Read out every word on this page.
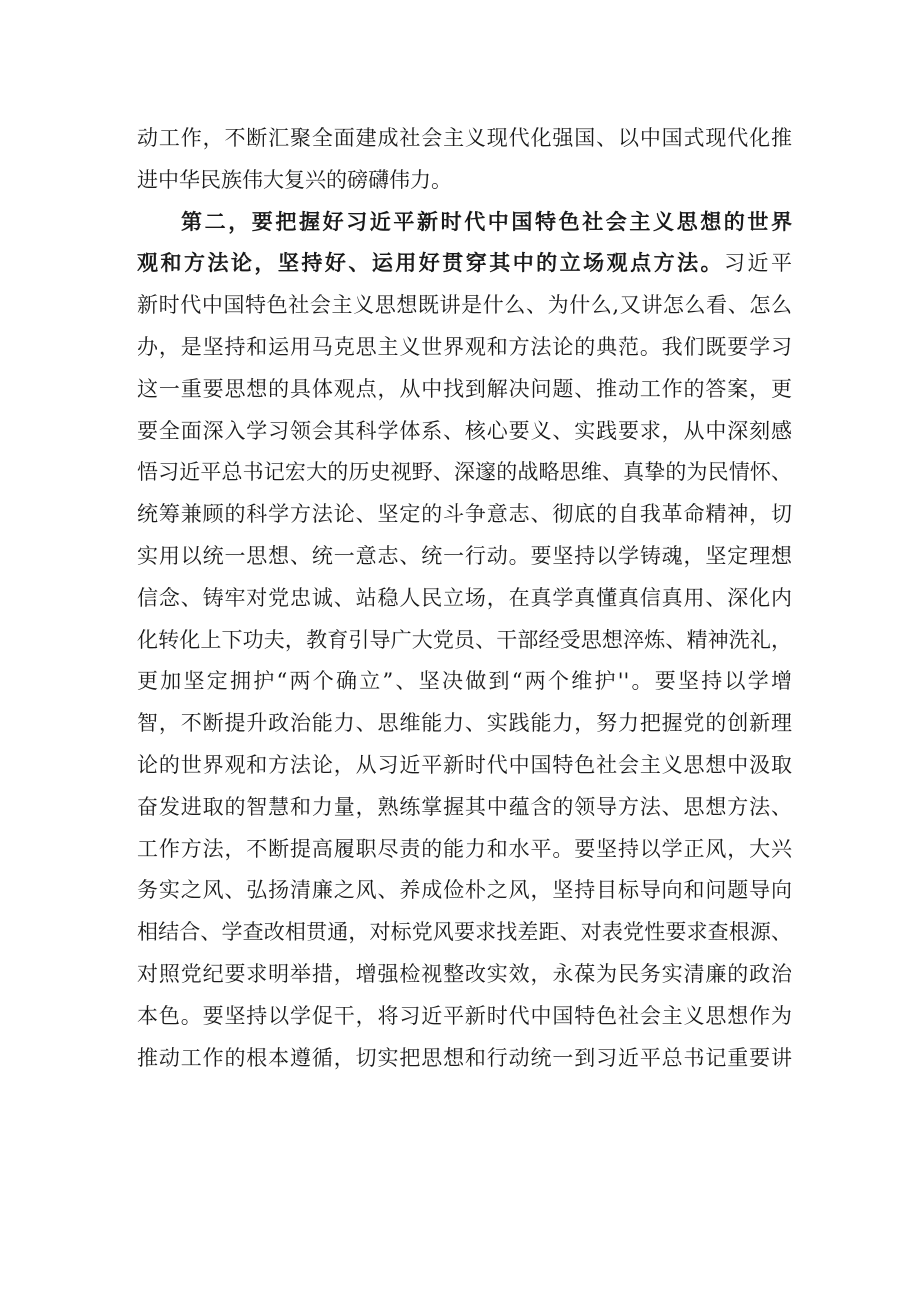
动工作，不断汇聚全面建成社会主义现代化强国、以中国式现代化推
进中华民族伟大复兴的磅礴伟力。
第二，要把握好习近平新时代中国特色社会主义思想的世界
观和方法论，坚持好、运用好贯穿其中的立场观点方法。习近平
新时代中国特色社会主义思想既讲是什么、为什么,又讲怎么看、怎么
办，是坚持和运用马克思主义世界观和方法论的典范。我们既要学习
这一重要思想的具体观点，从中找到解决问题、推动工作的答案，更
要全面深入学习领会其科学体系、核心要义、实践要求，从中深刻感
悟习近平总书记宏大的历史视野、深邃的战略思维、真挚的为民情怀、
统筹兼顾的科学方法论、坚定的斗争意志、彻底的自我革命精神，切
实用以统一思想、统一意志、统一行动。要坚持以学铸魂，坚定理想
信念、铸牢对党忠诚、站稳人民立场，在真学真懂真信真用、深化内
化转化上下功夫，教育引导广大党员、干部经受思想淬炼、精神洗礼，
更加坚定拥护“两个确立”、坚决做到“两个维护''。要坚持以学增
智，不断提升政治能力、思维能力、实践能力，努力把握党的创新理
论的世界观和方法论，从习近平新时代中国特色社会主义思想中汲取
奋发进取的智慧和力量，熟练掌握其中蕴含的领导方法、思想方法、
工作方法，不断提高履职尽责的能力和水平。要坚持以学正风，大兴
务实之风、弘扬清廉之风、养成俭朴之风，坚持目标导向和问题导向
相结合、学查改相贯通，对标党风要求找差距、对表党性要求查根源、
对照党纪要求明举措，增强检视整改实效，永葆为民务实清廉的政治
本色。要坚持以学促干，将习近平新时代中国特色社会主义思想作为
推动工作的根本遵循，切实把思想和行动统一到习近平总书记重要讲
